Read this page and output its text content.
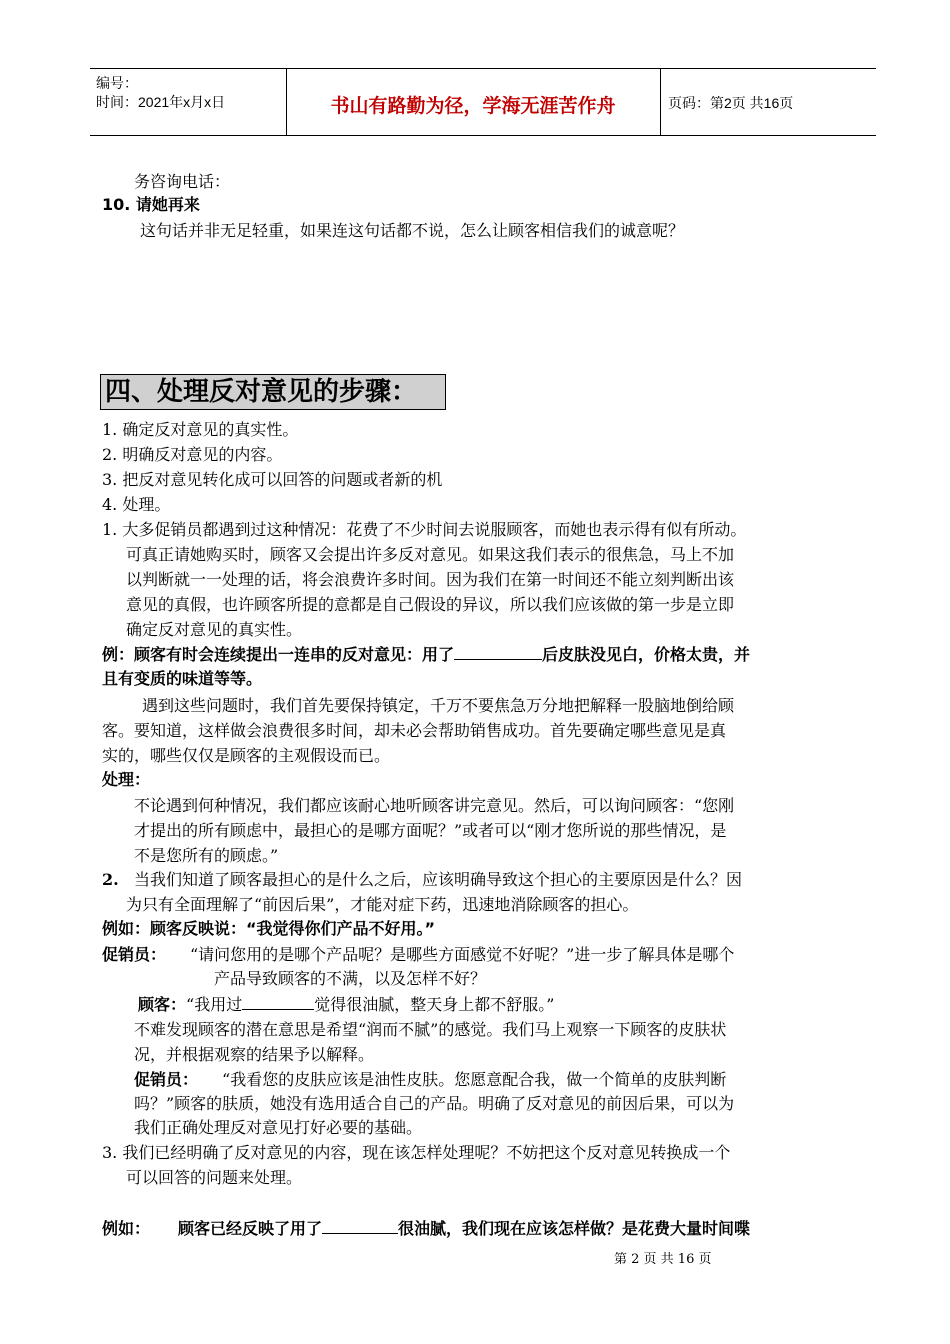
编号：
时间：2021年x月x日	书山有路勤为径，学海无涯苦作舟	页码：第2页 共16页
务咨询电话：
10. 请她再来
这句话并非无足轻重，如果连这句话都不说，怎么让顾客相信我们的诚意呢？
四、处理反对意见的步骤：
1. 确定反对意见的真实性。
2. 明确反对意见的内容。
3. 把反对意见转化成可以回答的问题或者新的机
4. 处理。
1. 大多促销员都遇到过这种情况：花费了不少时间去说服顾客，而她也表示得有似有所动。
可真正请她购买时，顾客又会提出许多反对意见。如果这我们表示的很焦急，马上不加
以判断就一一处理的话，将会浪费许多时间。因为我们在第一时间还不能立刻判断出该
意见的真假，也许顾客所提的意都是自己假设的异议，所以我们应该做的第一步是立即
确定反对意见的真实性。
例：顾客有时会连续提出一连串的反对意见：用了	后皮肤没见白，价格太贵，并
且有变质的味道等等。
遇到这些问题时，我们首先要保持镇定，千万不要焦急万分地把解释一股脑地倒给顾
客。要知道，这样做会浪费很多时间，却未必会帮助销售成功。首先要确定哪些意见是真
实的，哪些仅仅是顾客的主观假设而已。
处理：
不论遇到何种情况，我们都应该耐心地听顾客讲完意见。然后，可以询问顾客：“您刚
才提出的所有顾虑中，最担心的是哪方面呢？”或者可以“刚才您所说的那些情况，是
不是您所有的顾虑。”
2. 当我们知道了顾客最担心的是什么之后，应该明确导致这个担心的主要原因是什么？因
为只有全面理解了“前因后果”，才能对症下药，迅速地消除顾客的担心。
例如：顾客反映说：“我觉得你们产品不好用。”
促销员： “请问您用的是哪个产品呢？是哪些方面感觉不好呢？”进一步了解具体是哪个
产品导致顾客的不满，以及怎样不好？
顾客：“我用过	觉得很油腻，整天身上都不舒服。”
不难发现顾客的潜在意思是希望“润而不腻”的感觉。我们马上观察一下顾客的皮肤状
况，并根据观察的结果予以解释。
促销员： “我看您的皮肤应该是油性皮肤。您愿意配合我，做一个简单的皮肤判断
吗？”顾客的肤质，她没有选用适合自己的产品。明确了反对意见的前因后果，可以为
我们正确处理反对意见打好必要的基础。
3. 我们已经明确了反对意见的内容，现在该怎样处理呢？不妨把这个反对意见转换成一个
可以回答的问题来处理。
例如： 顾客已经反映了用了	很油腻，我们现在应该怎样做？是花费大量时间喋
第 2 页 共 16 页
